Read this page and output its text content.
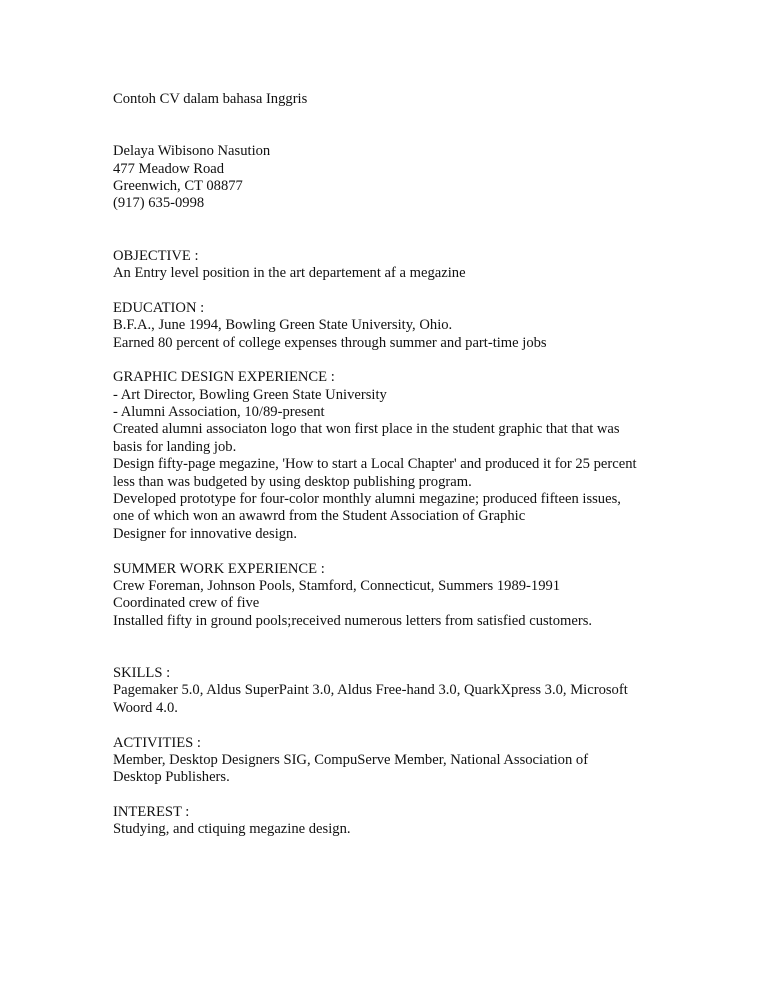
Contoh CV dalam bahasa Inggris
Delaya Wibisono Nasution
477 Meadow Road
Greenwich, CT 08877
(917) 635-0998
OBJECTIVE :
An Entry level position in the art departement af a megazine
EDUCATION :
B.F.A., June 1994, Bowling Green State University, Ohio.
Earned 80 percent of college expenses through summer and part-time jobs
GRAPHIC DESIGN EXPERIENCE :
- Art Director, Bowling Green State University
- Alumni Association, 10/89-present
Created alumni associaton logo that won first place in the student graphic that that was
basis for landing job.
Design fifty-page megazine, 'How to start a Local Chapter' and produced it for 25 percent
less than was budgeted by using desktop publishing program.
Developed prototype for four-color monthly alumni megazine; produced fifteen issues,
one of which won an awawrd from the Student Association of Graphic
Designer for innovative design.
SUMMER WORK EXPERIENCE :
Crew Foreman, Johnson Pools, Stamford, Connecticut, Summers 1989-1991
Coordinated crew of five
Installed fifty in ground pools;received numerous letters from satisfied customers.
SKILLS :
Pagemaker 5.0, Aldus SuperPaint 3.0, Aldus Free-hand 3.0, QuarkXpress 3.0, Microsoft
Woord 4.0.
ACTIVITIES :
Member, Desktop Designers SIG, CompuServe Member, National Association of
Desktop Publishers.
INTEREST :
Studying, and ctiquing megazine design.
